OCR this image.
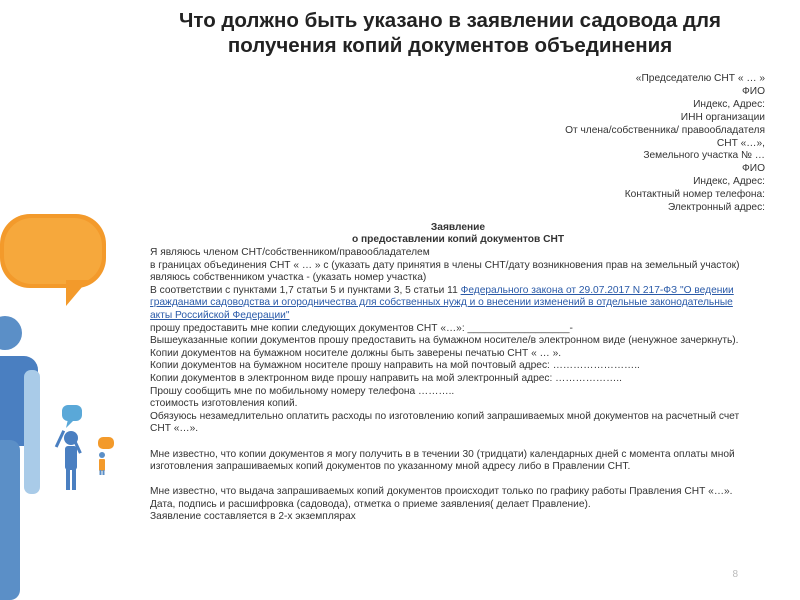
Что должно быть указано в заявлении садовода для
получения копий документов объединения
«Председателю СНТ « … »
ФИО
Индекс, Адрес:
ИНН организации
От члена/собственника/ правообладателя
СНТ «…»,
Земельного участка № …
ФИО
Индекс, Адрес:
Контактный номер телефона:
Электронный адрес:
Заявление
о предоставлении копий документов СНТ

Я являюсь членом СНТ/собственником/правообладателем

в границах объединения СНТ « … » с (указать дату принятия в члены СНТ/дату возникновения прав на земельный участок) являюсь собственником участка - (указать номер участка)

В соответствии с пунктами 1,7 статьи 5 и пунктами 3, 5 статьи 11 Федерального закона от 29.07.2017 N 217-ФЗ "О ведении гражданами садоводства и огородничества для собственных нужд и о внесении изменений в отдельные законодательные акты Российской Федерации"

прошу предоставить мне копии следующих документов СНТ «…»: __________________-

Вышеуказанные копии документов прошу предоставить на бумажном носителе/в электронном виде (ненужное зачеркнуть).

Копии документов на бумажном носителе должны быть заверены печатью СНТ « … ».

Копии документов на бумажном носителе прошу направить на мой почтовый адрес: ……………………..

Копии документов в электронном виде прошу направить на мой электронный адрес: ………………..

Прошу сообщить мне по мобильному номеру телефона ………..

стоимость изготовления копий.

Обязуюсь незамедлительно оплатить расходы по изготовлению копий запрашиваемых мной документов на расчетный счет СНТ «…».

Мне известно, что копии документов я могу получить в в течении 30 (тридцати) календарных дней с момента оплаты мной изготовления запрашиваемых копий документов по указанному мной адресу либо в Правлении СНТ.

Мне известно, что выдача запрашиваемых копий документов происходит только по графику работы Правления СНТ «…».

Дата, подпись и расшифровка (садовода), отметка о приеме заявления( делает Правление).

Заявление составляется в 2-х экземплярах

8
